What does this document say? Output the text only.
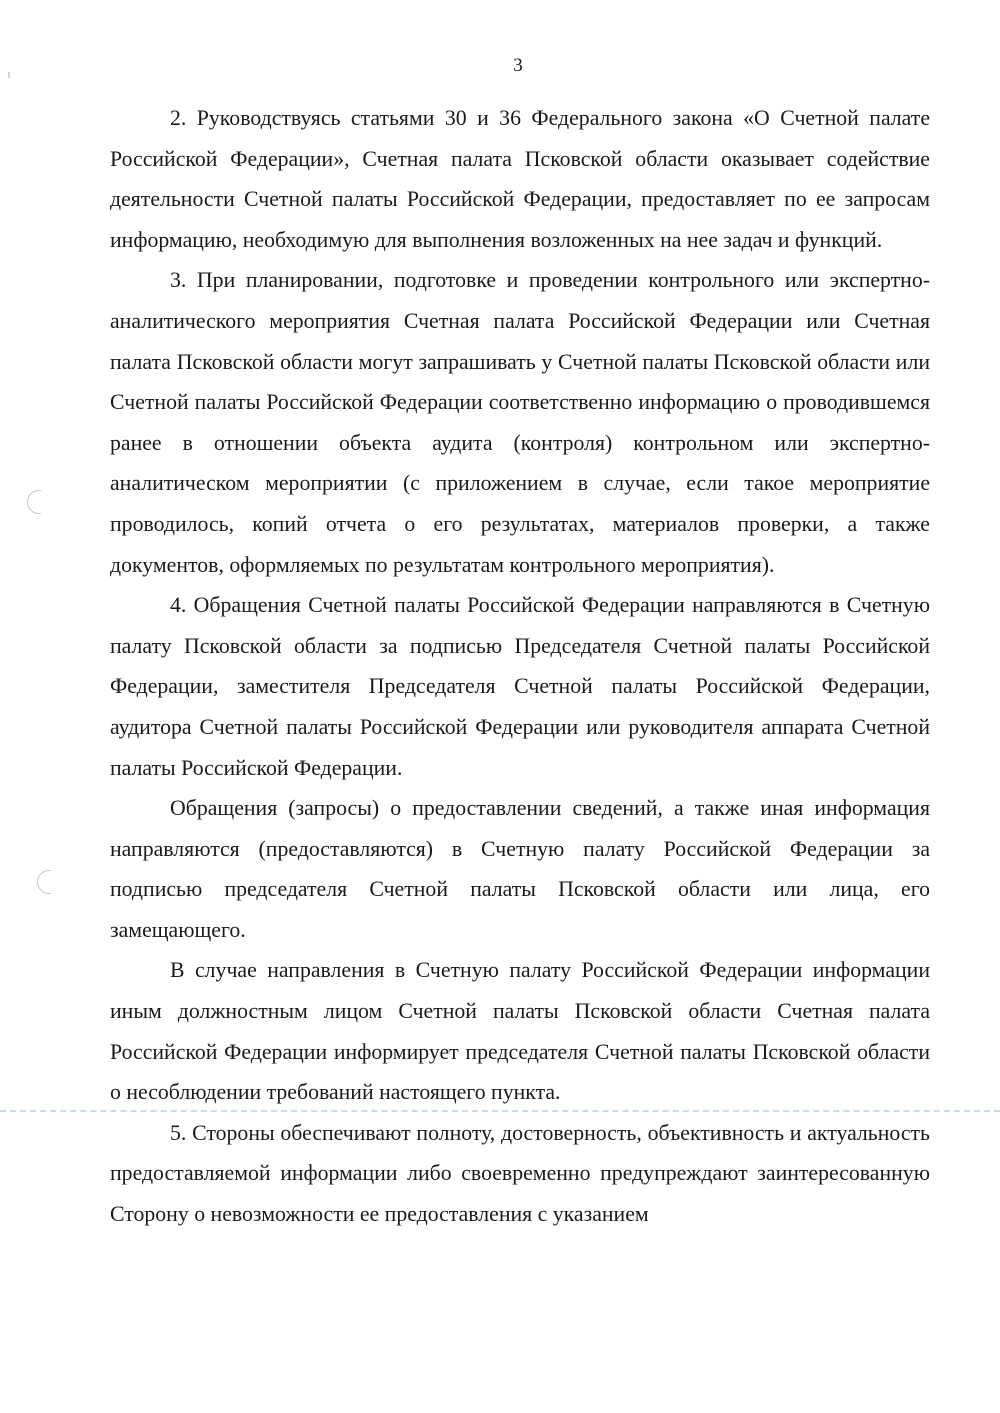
3

2. Руководствуясь статьями 30 и 36 Федерального закона «О Счетной палате Российской Федерации», Счетная палата Псковской области оказывает содействие деятельности Счетной палаты Российской Федерации, предоставляет по ее запросам информацию, необходимую для выполнения возложенных на нее задач и функций.

3. При планировании, подготовке и проведении контрольного или экспертно-аналитического мероприятия Счетная палата Российской Федерации или Счетная палата Псковской области могут запрашивать у Счетной палаты Псковской области или Счетной палаты Российской Федерации соответственно информацию о проводившемся ранее в отношении объекта аудита (контроля) контрольном или экспертно-аналитическом мероприятии (с приложением в случае, если такое мероприятие проводилось, копий отчета о его результатах, материалов проверки, а также документов, оформляемых по результатам контрольного мероприятия).

4. Обращения Счетной палаты Российской Федерации направляются в Счетную палату Псковской области за подписью Председателя Счетной палаты Российской Федерации, заместителя Председателя Счетной палаты Российской Федерации, аудитора Счетной палаты Российской Федерации или руководителя аппарата Счетной палаты Российской Федерации.

Обращения (запросы) о предоставлении сведений, а также иная информация направляются (предоставляются) в Счетную палату Российской Федерации за подписью председателя Счетной палаты Псковской области или лица, его замещающего.

В случае направления в Счетную палату Российской Федерации информации иным должностным лицом Счетной палаты Псковской области Счетная палата Российской Федерации информирует председателя Счетной палаты Псковской области о несоблюдении требований настоящего пункта.

5. Стороны обеспечивают полноту, достоверность, объективность и актуальность предоставляемой информации либо своевременно предупреждают заинтересованную Сторону о невозможности ее предоставления с указанием
